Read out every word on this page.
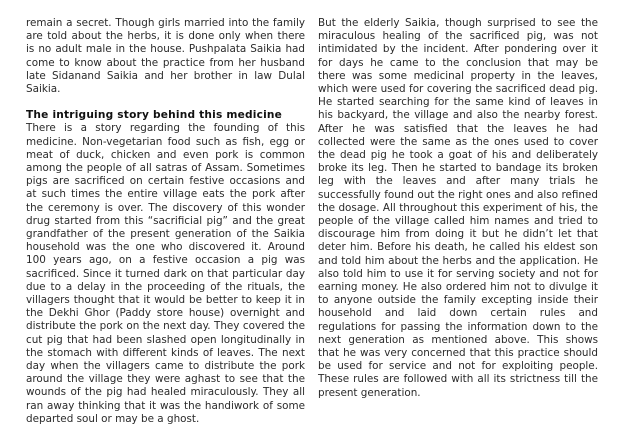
remain a secret. Though girls married into the family are told about the herbs, it is done only when there is no adult male in the house. Pushpalata Saikia had come to know about the practice from her husband late Sidanand Saikia and her brother in law Dulal Saikia.

The intriguing story behind this medicine

There is a story regarding the founding of this medicine. Non-vegetarian food such as fish, egg or meat of duck, chicken and even pork is common among the people of all satras of Assam. Sometimes pigs are sacrificed on certain festive occasions and at such times the entire village eats the pork after the ceremony is over. The discovery of this wonder drug started from this “sacrificial pig” and the great grandfather of the present generation of the Saikia household was the one who discovered it. Around 100 years ago, on a festive occasion a pig was sacrificed. Since it turned dark on that particular day due to a delay in the proceeding of the rituals, the villagers thought that it would be better to keep it in the Dekhi Ghor (Paddy store house) overnight and distribute the pork on the next day. They covered the cut pig that had been slashed open longitudinally in the stomach with different kinds of leaves. The next day when the villagers came to distribute the pork around the village they were aghast to see that the wounds of the pig had healed miraculously. They all ran away thinking that it was the handiwork of some departed soul or may be a ghost.

But the elderly Saikia, though surprised to see the miraculous healing of the sacrificed pig, was not intimidated by the incident. After pondering over it for days he came to the conclusion that may be there was some medicinal property in the leaves, which were used for covering the sacrificed dead pig. He started searching for the same kind of leaves in his backyard, the village and also the nearby forest. After he was satisfied that the leaves he had collected were the same as the ones used to cover the dead pig he took a goat of his and deliberately broke its leg. Then he started to bandage its broken leg with the leaves and after many trials he successfully found out the right ones and also refined the dosage. All throughout this experiment of his, the people of the village called him names and tried to discourage him from doing it but he didn’t let that deter him. Before his death, he called his eldest son and told him about the herbs and the application. He also told him to use it for serving society and not for earning money. He also ordered him not to divulge it to anyone outside the family excepting inside their household and laid down certain rules and regulations for passing the information down to the next generation as mentioned above. This shows that he was very concerned that this practice should be used for service and not for exploiting people. These rules are followed with all its strictness till the present generation.
